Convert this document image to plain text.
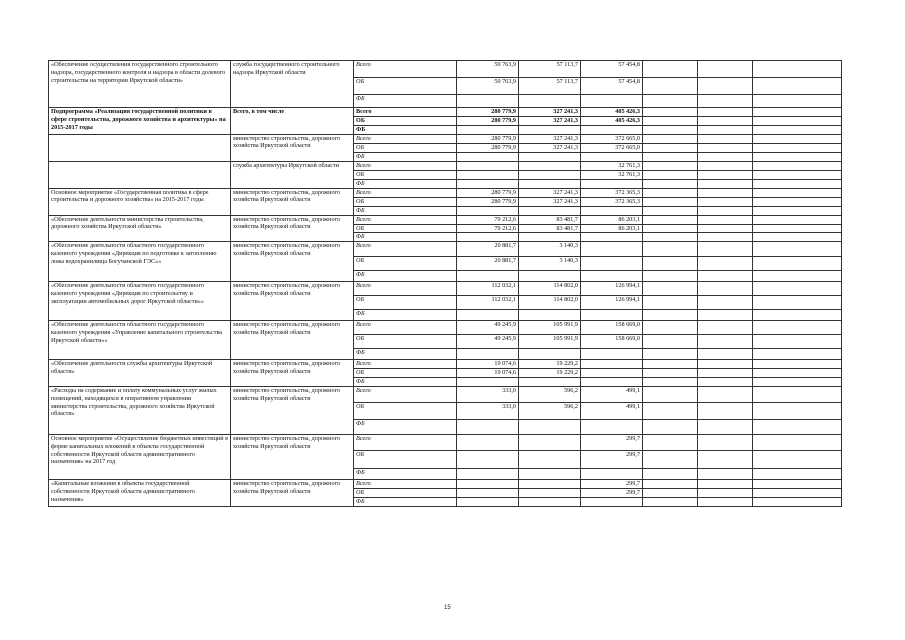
«Обеспечение осуществления государственного строительного надзора, государственного контроля и надзора в области долевого строительства на территории Иркутской области»	служба государственного строительного надзора Иркутской области	Всего	50 763,9	57 113,7	57 454,8			
		ОБ	50 763,9	57 113,7	57 454,8			
		ФБ						
Подпрограмма «Реализация государственной политики в сфере строительства, дорожного хозяйства и архитектуры» на 2015-2017 годы	Всего, в том числе	Всего	280 779,9	327 241,3	405 426,3			
		ОБ	280 779,9	327 241,3	405 426,3			
		ФБ						
	министерство строительства, дорожного хозяйства Иркутской области	Всего	280 779,9	327 241,3	372 665,0			
		ОБ	280 779,9	327 241,3	372 665,0			
		ФБ						
	служба архитектуры Иркутской области	Всего			32 761,3			
		ОБ			32 761,3			
		ФБ						
Основное мероприятие «Государственная политика в сфере строительства и дорожного хозяйства» на 2015-2017 годы	министерство строительства, дорожного хозяйства Иркутской области	Всего	280 779,9	327 241,3	372 365,3			
		ОБ	280 779,9	327 241,3	372 365,3			
		ФБ						
«Обеспечение деятельности министерства строительства, дорожного хозяйства Иркутской области»	министерство строительства, дорожного хозяйства Иркутской области	Всего	79 212,6	83 481,7	86 203,1			
		ОБ	79 212,6	83 481,7	86 203,1			
		ФБ						
«Обеспечение деятельности областного государственного казенного учреждения «Дирекция по подготовке к затоплению ложа водохранилища Богучанской ГЭС»»	министерство строительства, дорожного хозяйства Иркутской области	Всего	20 881,7	3 140,3				
		ОБ	20 881,7	3 140,3				
		ФБ						
«Обеспечение деятельности областного государственного казенного учреждения «Дирекция по строительству и эксплуатации автомобильных дорог Иркутской области»»	министерство строительства, дорожного хозяйства Иркутской области	Всего	112 032,1	114 802,0	126 994,1			
		ОБ	112 032,1	114 802,0	126 994,1			
		ФБ						
«Обеспечение деятельности областного государственного казенного учреждения «Управление капитального строительства Иркутской области»»	министерство строительства, дорожного хозяйства Иркутской области	Всего	49 245,9	105 991,9	158 669,0			
		ОБ	49 245,9	105 991,9	158 669,0			
		ФБ						
«Обеспечение деятельности службы архитектуры Иркутской области»	министерство строительства, дорожного хозяйства Иркутской области	Всего	19 074,6	19 229,2				
		ОБ	19 074,6	19 229,2				
		ФБ						
«Расходы на содержание и оплату коммунальных услуг жилых помещений, находящихся в оперативном управлении министерства строительства, дорожного хозяйства Иркутской области»	министерство строительства, дорожного хозяйства Иркутской области	Всего	333,0	596,2	499,1			
		ОБ	333,0	596,2	499,1			
		ФБ						
Основное мероприятие «Осуществление бюджетных инвестиций в форме капитальных вложений в объекты государственной собственности Иркутской области административного назначения» на 2017 год	министерство строительства, дорожного хозяйства Иркутской области	Всего			299,7			
		ОБ			299,7			
		ФБ						
«Капитальные вложения в объекты государственной собственности Иркутской области административного назначения»	министерство строительства, дорожного хозяйства Иркутской области	Всего			299,7			
		ОБ			299,7			
		ФБ						
15
